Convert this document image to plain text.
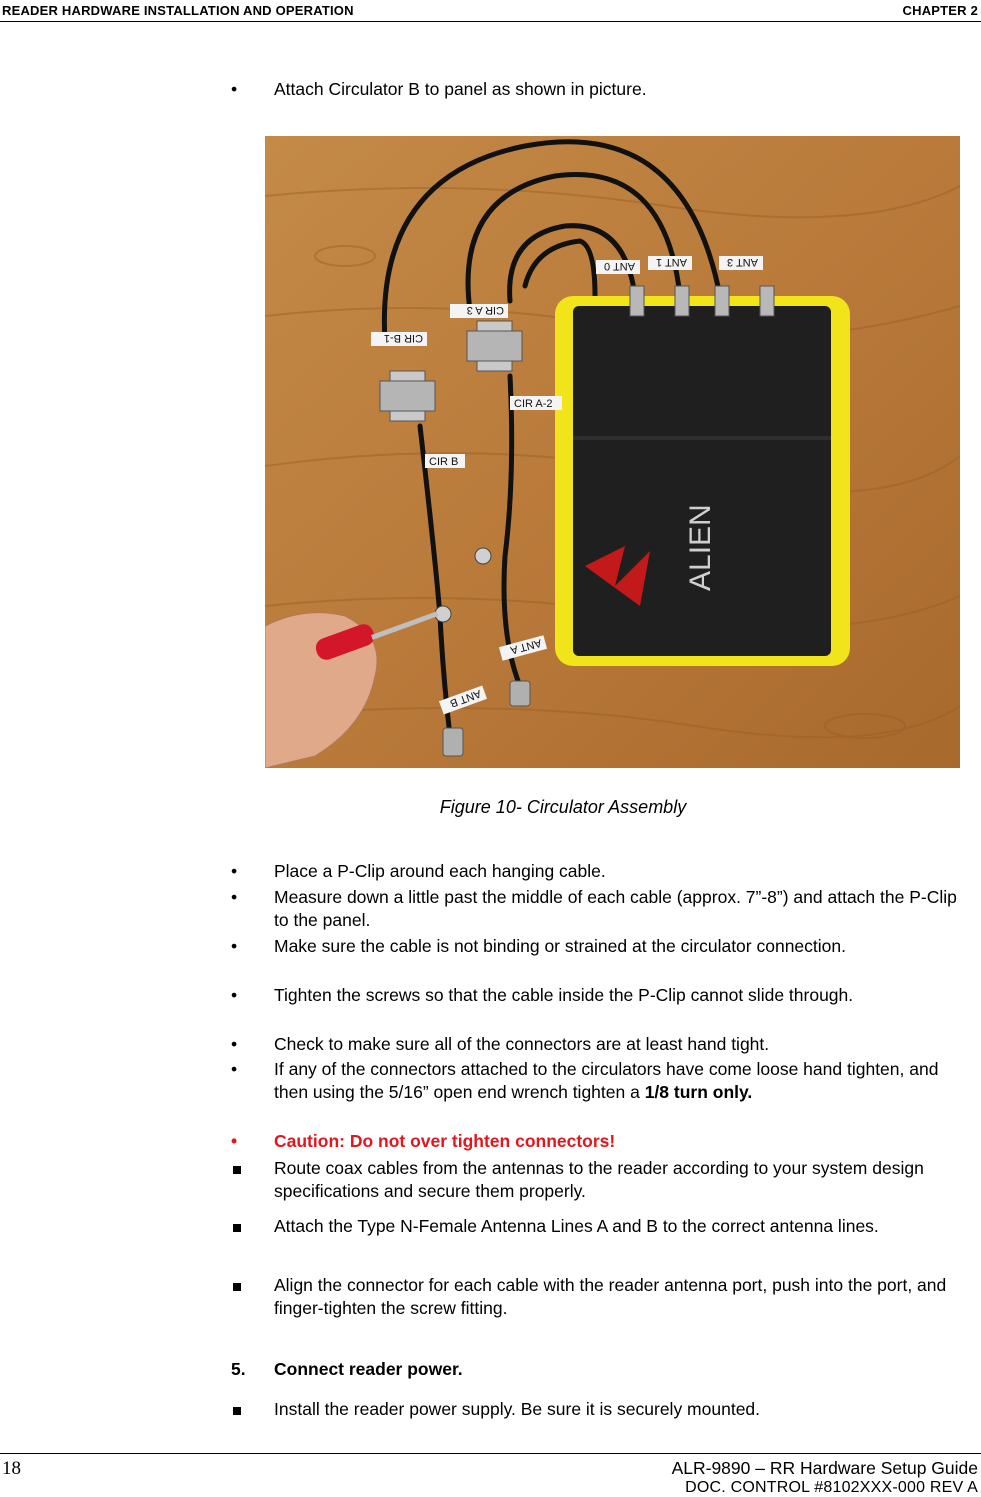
READER HARDWARE INSTALLATION AND OPERATION	CHAPTER 2
•	Attach Circulator B to panel as shown in picture.
ALIEN
ANT 0 ANT 1	ANT 3
CIR A 3
CIR B-1
CIR A-2
CIR B
ANT A
ANT B
Figure 10- Circulator Assembly
•	Place a P-Clip around each hanging cable.
•	Measure down a little past the middle of each cable (approx. 7”-8”) and attach the P-Clip to the panel.
•	Make sure the cable is not binding or strained at the circulator connection.
•	Tighten the screws so that the cable inside the P-Clip cannot slide through.
•	Check to make sure all of the connectors are at least hand tight.
•	If any of the connectors attached to the circulators have come loose hand tighten, and then using the 5/16” open end wrench tighten a 1/8 turn only.
•	Caution: Do not over tighten connectors!
Route coax cables from the antennas to the reader according to your system design specifications and secure them properly.
Attach the Type N-Female Antenna Lines A and B to the correct antenna lines.
Align the connector for each cable with the reader antenna port, push into the port, and finger-tighten the screw fitting.
5. Connect reader power.
Install the reader power supply. Be sure it is securely mounted.
18	ALR-9890 – RR Hardware Setup Guide
DOC. CONTROL #8102XXX-000 REV A
